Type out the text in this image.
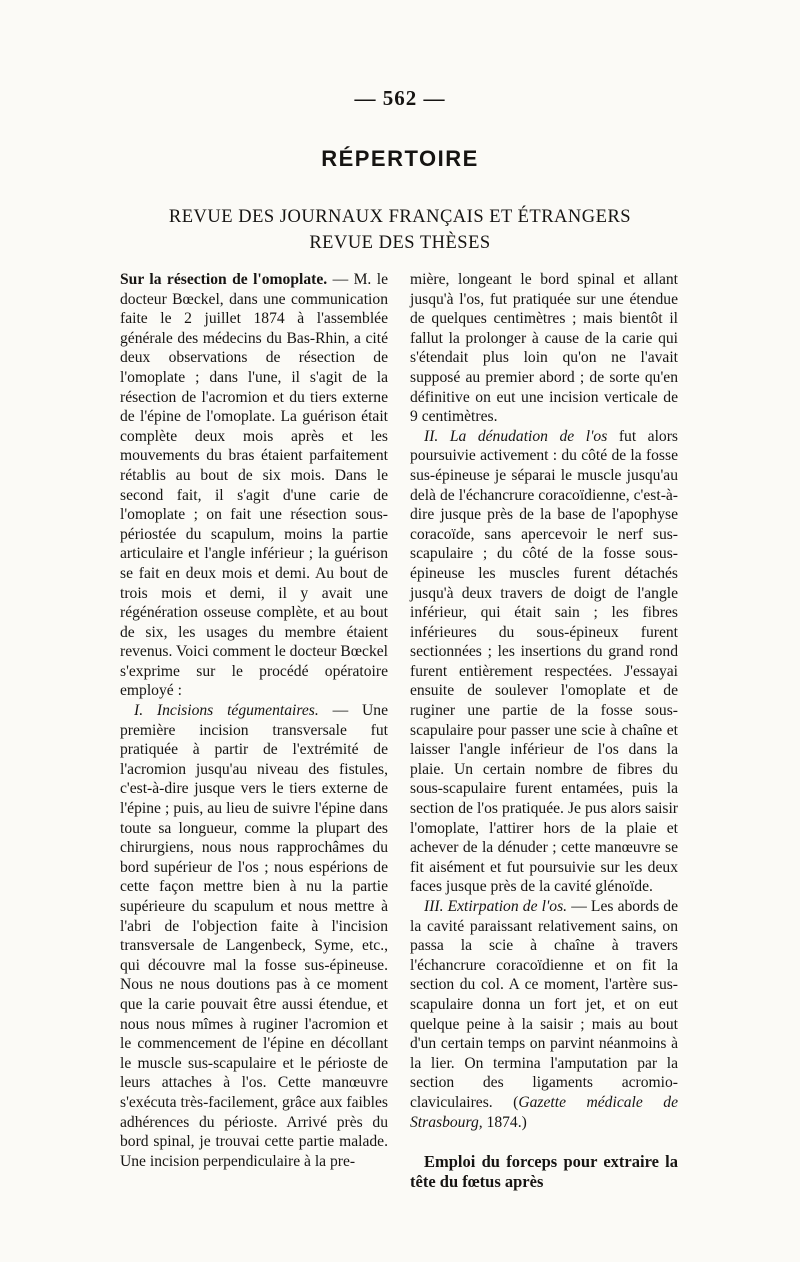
— 562 —
RÉPERTOIRE
REVUE DES JOURNAUX FRANÇAIS ET ÉTRANGERS
REVUE DES THÈSES

Sur la résection de l'omoplate. — M. le docteur Bœckel, dans une communication faite le 2 juillet 1874 à l'assemblée générale des médecins du Bas-Rhin, a cité deux observations de résection de l'omoplate ; dans l'une, il s'agit de la résection de l'acromion et du tiers externe de l'épine de l'omoplate. La guérison était complète deux mois après et les mouvements du bras étaient parfaitement rétablis au bout de six mois. Dans le second fait, il s'agit d'une carie de l'omoplate ; on fait une résection sous-périostée du scapulum, moins la partie articulaire et l'angle inférieur ; la guérison se fait en deux mois et demi. Au bout de trois mois et demi, il y avait une régénération osseuse complète, et au bout de six, les usages du membre étaient revenus. Voici comment le docteur Bœckel s'exprime sur le procédé opératoire employé :

I. Incisions tégumentaires. — Une première incision transversale fut pratiquée à partir de l'extrémité de l'acromion jusqu'au niveau des fistules, c'est-à-dire jusque vers le tiers externe de l'épine ; puis, au lieu de suivre l'épine dans toute sa longueur, comme la plupart des chirurgiens, nous nous rapprochâmes du bord supérieur de l'os ; nous espérions de cette façon mettre bien à nu la partie supérieure du scapulum et nous mettre à l'abri de l'objection faite à l'incision transversale de Langenbeck, Syme, etc., qui découvre mal la fosse sus-épineuse. Nous ne nous doutions pas à ce moment que la carie pouvait être aussi étendue, et nous nous mîmes à ruginer l'acromion et le commencement de l'épine en décollant le muscle sus-scapulaire et le périoste de leurs attaches à l'os. Cette manœuvre s'exécuta très-facilement, grâce aux faibles adhérences du périoste. Arrivé près du bord spinal, je trouvai cette partie malade. Une incision perpendiculaire à la pre-

mière, longeant le bord spinal et allant jusqu'à l'os, fut pratiquée sur une étendue de quelques centimètres ; mais bientôt il fallut la prolonger à cause de la carie qui s'étendait plus loin qu'on ne l'avait supposé au premier abord ; de sorte qu'en définitive on eut une incision verticale de 9 centimètres.

II. La dénudation de l'os fut alors poursuivie activement : du côté de la fosse sus-épineuse je séparai le muscle jusqu'au delà de l'échancrure coracoïdienne, c'est-à-dire jusque près de la base de l'apophyse coracoïde, sans apercevoir le nerf sus-scapulaire ; du côté de la fosse sous-épineuse les muscles furent détachés jusqu'à deux travers de doigt de l'angle inférieur, qui était sain ; les fibres inférieures du sous-épineux furent sectionnées ; les insertions du grand rond furent entièrement respectées. J'essayai ensuite de soulever l'omoplate et de ruginer une partie de la fosse sous-scapulaire pour passer une scie à chaîne et laisser l'angle inférieur de l'os dans la plaie. Un certain nombre de fibres du sous-scapulaire furent entamées, puis la section de l'os pratiquée. Je pus alors saisir l'omoplate, l'attirer hors de la plaie et achever de la dénuder ; cette manœuvre se fit aisément et fut poursuivie sur les deux faces jusque près de la cavité glénoïde.

III. Extirpation de l'os. — Les abords de la cavité paraissant relativement sains, on passa la scie à chaîne à travers l'échancrure coracoïdienne et on fit la section du col. A ce moment, l'artère sus-scapulaire donna un fort jet, et on eut quelque peine à la saisir ; mais au bout d'un certain temps on parvint néanmoins à la lier. On termina l'amputation par la section des ligaments acromio-claviculaires. (Gazette médicale de Strasbourg, 1874.)

Emploi du forceps pour extraire la tête du fœtus après
